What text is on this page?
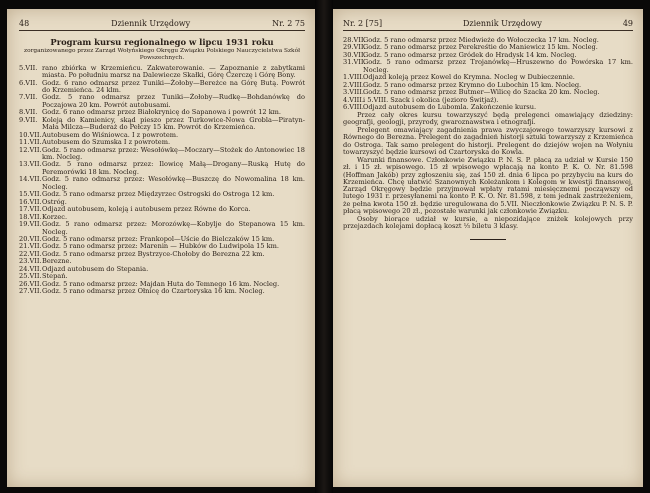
48	Dziennik Urzędowy	Nr. 2 75
Program kursu regionalnego w lipcu 1931 roku
zorganizowanego przez Zarząd Wołyńskiego Okręgu Związku Polskiego Nauczycielstwa Szkół Powszechnych.
5.VII. rano zbiórka w Krzemieńcu. Zakwaterowanie. — Zapoznanie z zabytkami miasta. Po południu marsz na Dalewiecze Skałki, Górę Czerczę i Górę Bony.
6.VII. Godz. 6 rano odmarsz przez Tuniki—Żołoby—Bereżce na Górę Butą. Powrót do Krzemieńca. 24 klm.
7.VII. Godz. 5 rano odmarsz przez Tuniki—Żołoby—Rudkę—Bohdanówkę do Poczajowa 20 km. Powrót autobusami.
8.VII. Godz. 6 rano odmarsz przez Białokrynicę do Sapanowa i powrót 12 km.
9.VII. Koleją do Kamienicy, skąd pieszo przez Turkowice-Nowa Grobla—Piratyn-Mała Milcza—Buderaż do Pełczy 15 km. Powrót do Krzemieńca.
10.VII. Autobusem do Wiśniowca. I z powrotem.
11.VII. Autobusem do Szumska I z powrotem.
12.VII. Godz. 5 rano odmarsz przez: Wesołówkę—Moczary—Stożek do Antonowiec 18 km. Nocleg.
13.VII. Godz. 5 rano odmarsz przez: Ilowicę Małą—Drogany—Ruską Hutę do Peremorówki 18 km. Nocleg.
14.VII. Godz. 5 rano odmarsz przez: Wesołówkę—Buszczę do Nowomalina 18 km. Nocleg.
15.VII. Godz. 5 rano odmarsz przez Międzyrzec Ostrogski do Ostroga 12 km.
16.VII. Ostróg.
17.VII. Odjazd autobusem, koleją i autobusem przez Równe do Korca.
18.VII. Korzec.
19.VII. Godz. 5 rano odmarsz przez: Morozówkę—Kobylje do Stepanowa 15 km. Nocleg.
20.VII. Godz. 5 rano odmarsz przez: Frankopol—Uście do Bielczaków 15 km.
21.VII. Godz. 5 rano odmarsz przez: Marenin — Hubków do Ludwipola 15 km.
22.VII. Godz. 5 rano odmarsz przez Bystrzyce-Chołoby do Berezna 22 km.
23.VII. Berezne.
24.VII. Odjazd autobusem do Stepania.
25.VII. Stepań.
26.VII. Godz. 5 rano odmarsz przez: Majdan Huta do Temnego 16 km. Nocleg.
27.VII. Godz. 5 rano odmarsz przez Ołnicę do Czartoryska 16 km. Nocleg.
Nr. 2 [75]	Dziennik Urzędowy	49
28.VII.
Godz. 5 rano odmarsz przez Miedwieże do Wołoczecka 17 km. Nocleg.
29.VII.
Godz. 5 rano odmarsz przez Perekreśtie do Maniewicz 15 km. Nocleg.
30.VII.
Godz. 5 rano odmarsz przez Gródek do Hradysk 14 km. Nocleg.
31.VII.
Godz. 5 rano odmarsz przez Trojanówkę—Hruszewno do Powórska 17 km. Nocleg.
1.VIII. Odjazd koleją przez Kowel do Krymna. Nocleg w Dubieczennie.
2.VIII. Godz. 5 rano odmarsz przez Krymno do Lubochin 15 km. Nocleg.
3.VIII. Godz. 5 rano odmarsz przez Butmer—Wilicę do Szacka 20 km. Nocleg.
4.VIII. i 5.VIII. Szack i okolica (jezioro Świtjaź).
6.VIII. Odjazd autobusem do Lubomla. Zakończenie kursu.

Przez cały okres kursu towarzyszyć będą prelegenci omawiający dziedziny: geografji, geologji, przyrody, gwaroznawstwa i etnografji.

Prelegent omawiający zagadnienia prawa zwyczajowego towarzyszy kursowi z Równego do Berezna. Prelegent do zagadnień historji sztuki towarzyszy z Krzemieńca do Ostroga. Tak samo prelegent do historji. Prelegent do dziejów wojen na Wołyniu towarzyszyć będzie kursowi od Czartoryska do Kowla.

Warunki finansowe. Członkowie Związku P. N. S. P. płacą za udział w Kursie 150 zł. i 15 zł. wpisowego. 15 zł wpisowego wpłacają na konto P. K. O. Nr. 81.598 (Hoffman Jakób) przy zgłoszeniu się, zaś 150 zł. dnia 6 lipca po przybyciu na kurs do Krzemieńca. Chcę ułatwić Szanownych Koleżankom i Kolegom w kwestji finansowej, Zarząd Okręgowy będzie przyjmował wpłaty ratami miesięcznemi począwszy od lutego 1931 r. przesyłanemi na konto P. K. O. Nr. 81.598, z tem jednak zastrzeżeniem, że pełna kwota 150 zł. będzie uregulowana do 5.VII. Nieczłonkowie Związku P. N. S. P. płacą wpisowego 20 zł., pozostałe warunki jak członkowie Związku.

Osoby biorące udział w kursie, a niepozidające zniżek kolejowych przy przejazdach kolejami dopłacą koszt ⅓ biletu 3 klasy.
